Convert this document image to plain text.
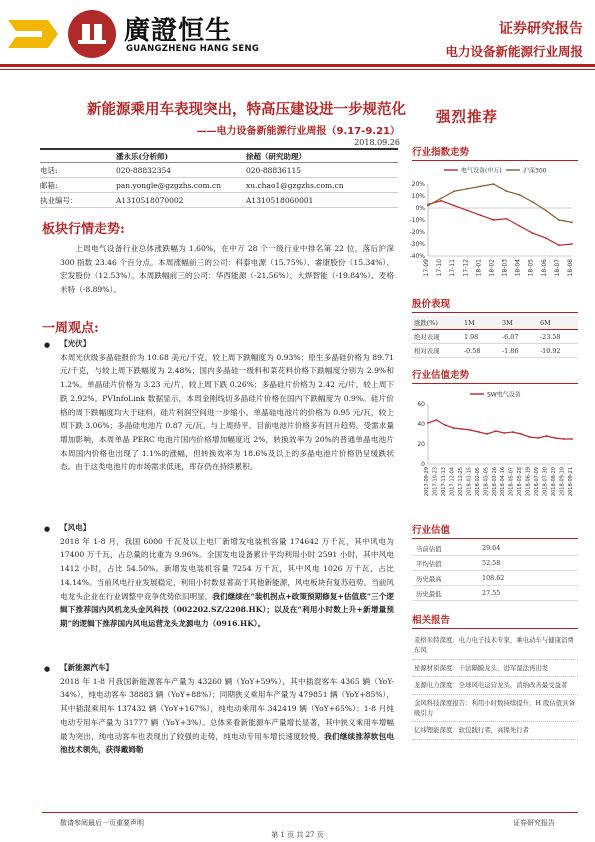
廣證恒生
GUANGZHENG HANG SENG
证券研究报告
电力设备新能源行业周报
新能源乘用车表现突出，特高压建设进一步规范化
——电力设备新能源行业周报（9.17-9.21）
2018.09.26
潘永乐(分析师)	徐超（研究助理）
电话:	020-88832354	020-88836115
邮箱:	pan.yongle@gzgzhs.com.cn	xu.chao1@gzgzhs.com.cn
执业编号：	A1310518070002	A1310518060001
板块行情走势:

上周电气设备行业总体涨跌幅为 1.60%，在中万 28 个一级行业中排名第 22 位，落后沪深 300 指数 23.46 个百分点。本周涨幅前三的公司：科泰电源（15.75%）、睿康股份（15.34%）、宏发股份（12.53%）。本周跌幅前三的公司：华西能源（-21.56%）、大烨智能（-19.84%）、麦格米特（-8.89%）。

一周观点:
● 【光伏】

本周光伏级多晶硅报价为 10.68 美元/千克，较上周下跌幅度为 0.93%；原生多晶硅价格为 89.71 元/千克，与较上周下跌幅度为 2.48%；国内多晶硅一级料和菜花料价格下跌幅度分别为 2.9%和 1.2%。单晶硅片价格为 3.23 元/片，较上周下跌 0.26%；多晶硅片价格为 2.42 元/片，较上周下跌 2.92%。PVInfoLink 数据显示，本周金刚线切多晶硅片价格在国内下跌幅度为 0.9%。硅片价格的周下跌幅度均大于硅料，硅片利润空间进一步缩小。单晶硅电池片的价格为 0.95 元/瓦，较上周下跌 3.06%；多晶硅电池片 0.87 元/瓦，与上周持平。目前电池片价格多有回升趋势，受需求量增加影响，本周单晶 PERC 电池片国内价格增加幅度近 2%，转换效率为 20%的普通单晶电池片本周国内价格也出现了 1.1%的涨幅，但转换效率为 18.6%及以上的多晶电池片价格仍呈缓跌状态。由于这类电池片的市场需求低迷，库存仍在持续累积。

● 【风电】

2018 年 1-8 月，我国 6000 千瓦及以上电厂新增发电装机容量 174642 万千瓦，其中风电为 17400 万千瓦，占总量的比重为 9.96%。全国发电设备累计平均利用小时 2591 小时，其中风电 1412 小时，占比 54.50%。新增发电装机容量 7254 万千瓦，其中风电 1026 万千瓦，占比 14.14%。当前风电行业发展稳定，利用小时数显著高于其他新能源，风电板块有复苏趋势。当前风电龙头企业在行业调整中竞争优势依旧明显，我们继续在“装机拐点+政策预期修复+估值底”三个逻辑下推荐国内风机龙头金风科技（002202.SZ/2208.HK）；以及在“利用小时数上升+新增量预期”的逻辑下推荐国内风电运营龙头龙源电力（0916.HK）。

● 【新能源汽车】

2018 年 1-8 月我国新能源客车产量为 43260 辆（YoY+59%），其中插混客车 4365 辆（YoY-34%），纯电动客车 38883 辆（YoY+88%）；同期狭义乘用车产量为 479851 辆（YoY+85%），其中插混乘用车 137432 辆（YoY+167%），纯电动乘用车 342419 辆（YoY+65%）；1-8 月纯电动专用车产量为 31777 辆（YoY+3%）。总体来看新能源车产量增长显著，其中狭义乘用车增幅最为突出，纯电动客车也表现出了较强的走势，纯电动专用车增长速度较慢。我们继续推荐软包电池技术领先，获得戴姆勒

强烈推荐
行业指数走势
20%
10%
0%
-10%
-20%
-30%
-40%
17-09 17-10 17-11 17-12 18-01 18-02 18-03 18-04 18-05 18-06 18-07 18-08
电气设备(申万)	沪深300
股价表现
涨跌(%)	1M	3M	6M
绝对表现	1.98	-6.07	-23.58
相对表现	-0.58	-1.86	-10.92
行业估值走势
60
40
20
0
2017-09-29 2017-10-23 2017-11-13 2017-12-04 2017-12-25 2018-01-15 2018-02-05 2018-03-05 2018-03-26 2018-04-16 2018-05-07 2018-05-28 2018-06-19 2018-07-09 2018-07-30 2018-08-20 2018-09-10 2018-09-21
SW电气设备
行业估值
当前估值	29.64
平均估值	52.58
历史最高	108.62
历史最低	27.55
相关报告
麦格米特深度：电力电子技术专家，乘电动车与健康消费东风
星源材质深度：干法隔膜龙头，进军湿法再出发
龙源电力深度：全球风电运营龙头，消纳改善最受益者
金风科技深度报告：利用小时数持续提升，H 股估值具备吸引力
亿纬锂能深度：软包践行者，高镍先行者
敬请参阅最后一页重要声明
第 1 页 共 27 页
证券研究报告
